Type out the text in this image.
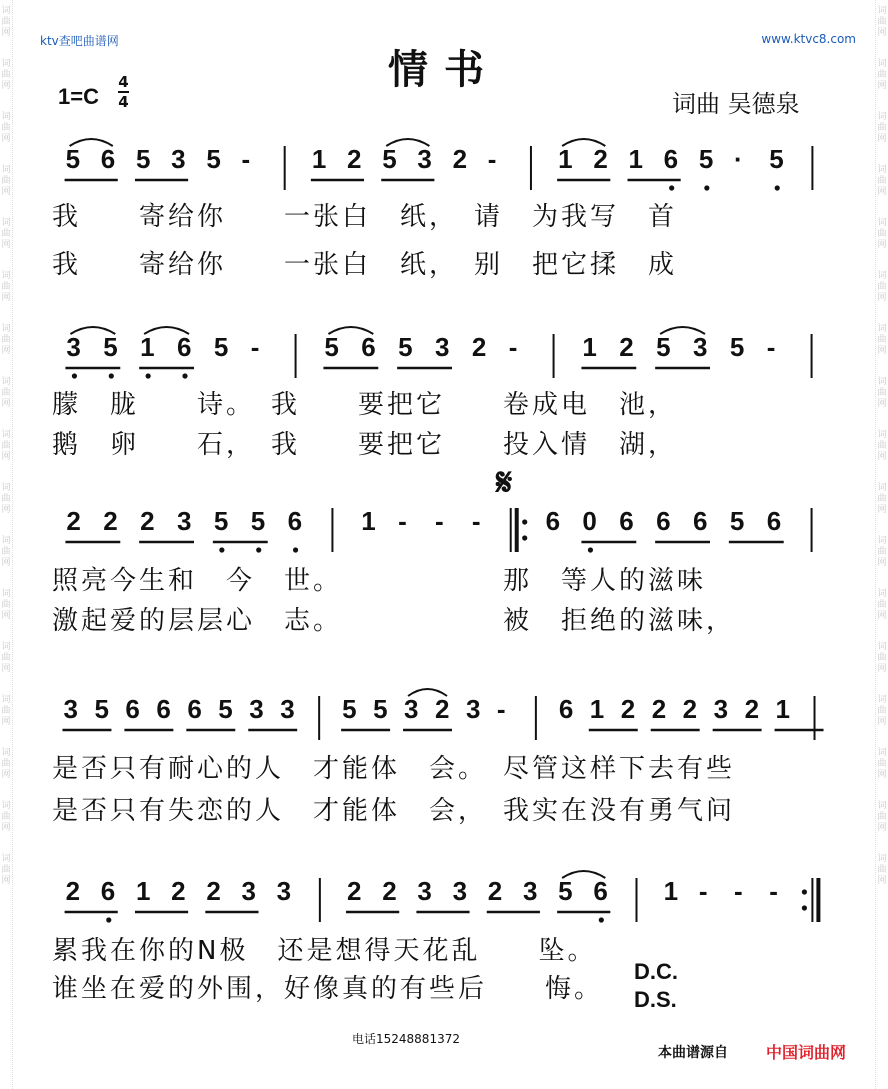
词
曲
网
词
曲
网
词
曲
网
词
曲
网
词
曲
网
词
曲
网
词
曲
网
词
曲
网
词
曲
网
词
曲
网
词
曲
网
词
曲
网
词
曲
网
词
曲
网
词
曲
网
词
曲
网
词
曲
网
词
曲
网
词
曲
网
词
曲
网
词
曲
网
词
曲
网
词
曲
网
词
曲
网
词
曲
网
词
曲
网
词
曲
网
词
曲
网
词
曲
网
词
曲
网
词
曲
网
词
曲
网
词
曲
网
词
曲
网
ktv查吧曲谱网	www.ktvc8.com
情书
1=C
4
4	词曲 吴德泉
5 6 5 3 5 - 1 2 5 3 2 - 1 2 1 6 5 · 5
我　　寄给你　　一张白　纸，　请　为我写　首
我　　寄给你　　一张白　纸，　别　把它揉　成
3 5 1 6 5 -	5 6 5 3 2 -	1 2 5 3 5 -
朦　胧　　诗。　我　　要把它　　卷成电　池，
鹅　卵　　石，　我　　要把它　　投入情　湖，
2 2 2 3 5 5 6 1 - - -	6 0 6 6 6 5 6
照亮今生和　今　世。　　　　　　那　等人的滋味
激起爱的层层心　志。　　　　　　被　拒绝的滋味，
3 5 6 6 6 5 3 3 5 5 3 2 3 - 6 1 2 2 2 3 2 1
是否只有耐心的人　才能体　会。　尽管这样下去有些
是否只有失恋的人　才能体　会，　我实在没有勇气问
2 6 1 2 2 3 3 2 2 3 3 2 3 5 6 1 - - -
累我在你的N极　还是想得天花乱　　坠。
谁坐在爱的外围，好像真的有些后　　悔。
D.C.
D.S.
电话15248881372
本曲谱源自 中国词曲网
𝄋
